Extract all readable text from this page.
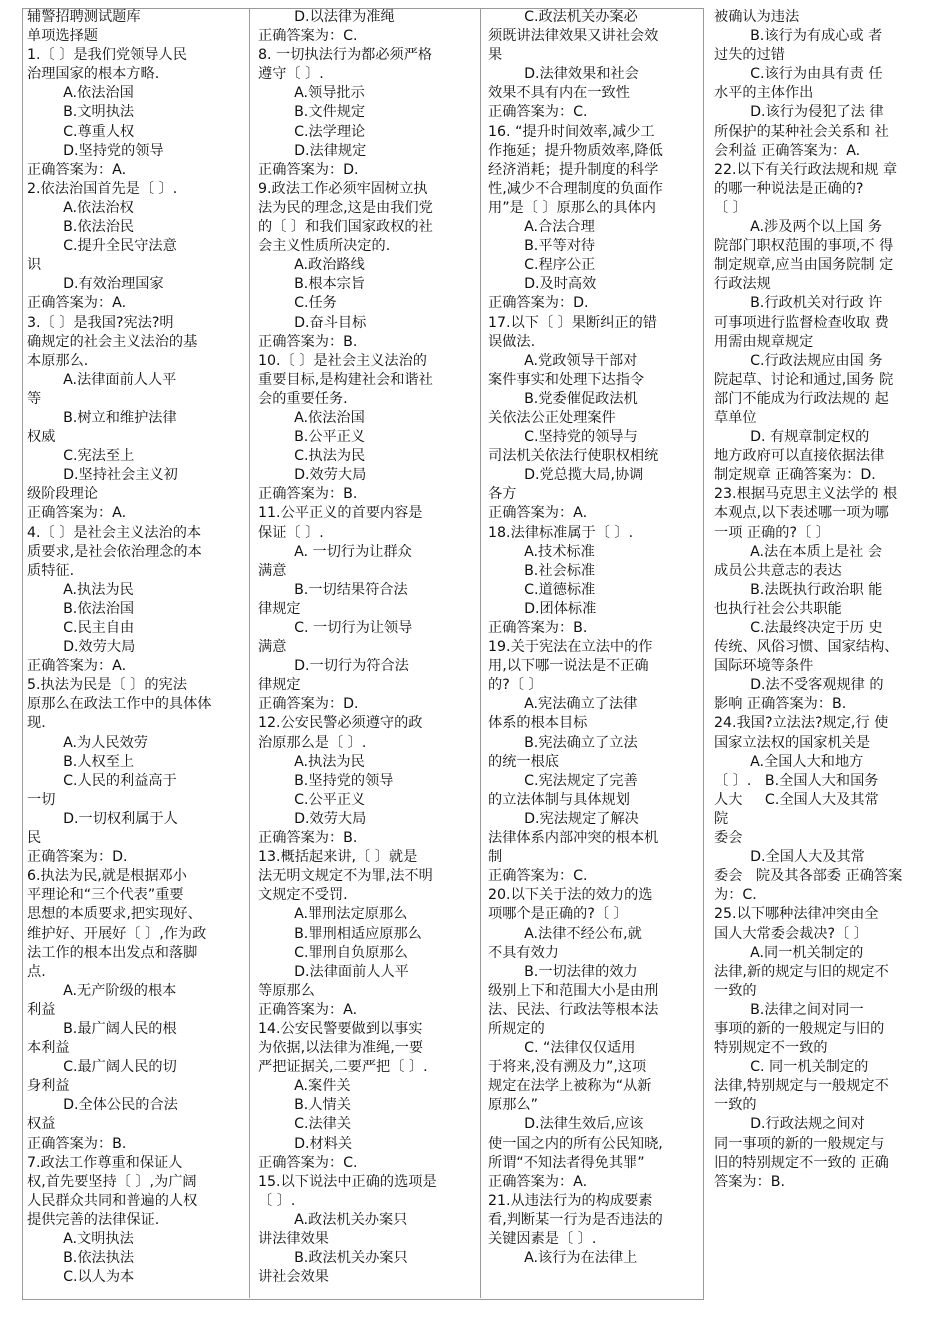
辅警招聘测试题库
单项选择题
1.〔 〕是我们党领导人民
治理国家的根本方略.
A.依法治国
B.文明执法
C.尊重人权
D.坚持党的领导
正确答案为：A.
2.依法治国首先是〔 〕.
A.依法治权
B.依法治民
C.提升全民守法意
识
D.有效治理国家
正确答案为：A.
3.〔 〕是我国?宪法?明
确规定的社会主义法治的基
本原那么.
A.法律面前人人平
等
B.树立和维护法律
权威
C.宪法至上
D.坚持社会主义初
级阶段理论
正确答案为：A.
4.〔 〕是社会主义法治的本
质要求,是社会依治理念的本
质特征.
A.执法为民
B.依法治国
C.民主自由
D.效劳大局
正确答案为：A.
5.执法为民是〔 〕的宪法
原那么在政法工作中的具体体
现.
A.为人民效劳
B.人权至上
C.人民的利益高于
一切
D.一切权利属于人
民
正确答案为：D.
6.执法为民,就是根据邓小
平理论和“三个代表”重要
思想的本质要求,把实现好、
维护好、开展好〔 〕,作为政
法工作的根本出发点和落脚
点.
A.无产阶级的根本
利益
B.最广阔人民的根
本利益
C.最广阔人民的切
身利益
D.全体公民的合法
权益
正确答案为：B.
7.政法工作尊重和保证人
权,首先要坚持〔 〕,为广阔
人民群众共同和普遍的人权
提供完善的法律保证.
A.文明执法
B.依法执法
C.以人为本
D.以法律为准绳
正确答案为：C.
8. 一切执法行为都必须严格
遵守〔 〕.
A.领导批示
B.文件规定
C.法学理论
D.法律规定
正确答案为：D.
9.政法工作必须牢固树立执
法为民的理念,这是由我们党
的〔 〕和我们国家政权的社
会主义性质所决定的.
A.政治路线
B.根本宗旨
C.任务
D.奋斗目标
正确答案为：B.
10.〔 〕是社会主义法治的
重要目标,是构建社会和谐社
会的重要任务.
A.依法治国
B.公平正义
C.执法为民
D.效劳大局
正确答案为：B.
11.公平正义的首要内容是
保证〔 〕.
A. 一切行为让群众
满意
B.一切结果符合法
律规定
C. 一切行为让领导
满意
D.一切行为符合法
律规定
正确答案为：D.
12.公安民警必须遵守的政
治原那么是〔 〕.
A.执法为民
B.坚持党的领导
C.公平正义
D.效劳大局
正确答案为：B.
13.概括起来讲,〔 〕就是
法无明文规定不为罪,法不明
文规定不受罚.
A.罪刑法定原那么
B.罪刑相适应原那么
C.罪刑自负原那么
D.法律面前人人平
等原那么
正确答案为：A.
14.公安民警要做到以事实
为依据,以法律为准绳,一要
严把证据关,二要严把〔 〕.
A.案件关
B.人情关
C.法律关
D.材料关
正确答案为：C.
15.以下说法中正确的选项是
〔 〕.
A.政法机关办案只
讲法律效果
B.政法机关办案只
讲社会效果
C.政法机关办案必
须既讲法律效果又讲社会效
果
D.法律效果和社会
效果不具有内在一致性
正确答案为：C.
16. “提升时间效率,减少工
作拖延；提升物质效率,降低
经济消耗；提升制度的科学
性,减少不合理制度的负面作
用”是〔 〕原那么的具体内
A.合法合理
B.平等对待
C.程序公正
D.及时高效
正确答案为：D.
17.以下〔 〕果断纠正的错
误做法.
A.党政领导干部对
案件事实和处理下达指令
B.党委催促政法机
关依法公正处理案件
C.坚持党的领导与
司法机关依法行使职权相统
D.党总揽大局,协调
各方
正确答案为：A.
18.法律标准属于〔 〕.
A.技术标准
B.社会标准
C.道德标准
D.团体标准
正确答案为：B.
19.关于宪法在立法中的作
用,以下哪一说法是不正确
的?〔 〕
A.宪法确立了法律
体系的根本目标
B.宪法确立了立法
的统一根底
C.宪法规定了完善
的立法体制与具体规划
D.宪法规定了解决
法律体系内部冲突的根本机
制
正确答案为：C.
20.以下关于法的效力的选
项哪个是正确的?〔 〕
A.法律不经公布,就
不具有效力
B.一切法律的效力
级别上下和范围大小是由刑
法、民法、行政法等根本法
所规定的
C. “法律仅仅适用
于将来,没有溯及力”,这项
规定在法学上被称为“从新
原那么”
D.法律生效后,应该
使一国之内的所有公民知晓,
所谓“不知法者得免其罪”
正确答案为：A.
21.从违法行为的构成要素
看,判断某一行为是否违法的
关键因素是〔 〕.
A.该行为在法律上
被确认为违法
B.该行为有成心或 者
过失的过错
C.该行为由具有责 任
水平的主体作出
D.该行为侵犯了法 律
所保护的某种社会关系和 社
会利益 正确答案为：A.
22.以下有关行政法规和规 章
的哪一种说法是正确的?
〔 〕
A.涉及两个以上国 务
院部门职权范围的事项,不 得
制定规章,应当由国务院制 定
行政法规
B.行政机关对行政 许
可事项进行监督检查收取 费
用需由规章规定
C.行政法规应由国 务
院起草、讨论和通过,国务 院
部门不能成为行政法规的 起
草单位
D. 有规章制定权的
地方政府可以直接依据法律
制定规章 正确答案为：D.
23.根据马克思主义法学的 根
本观点,以下表述哪一项为哪
一项 正确的?〔 〕
A.法在本质上是社 会
成员公共意志的表达
B.法既执行政治职 能
也执行社会公共职能
C.法最终决定于历 史
传统、风俗习惯、国家结构、
国际环境等条件
D.法不受客观规律 的
影响 正确答案为：B.
24.我国?立法法?规定,行 使
国家立法权的国家机关是
A.全国人大和地方
〔 〕.   B.全国人大和国务
人大     C.全国人大及其常
院
委会
D.全国人大及其常
委会   院及其各部委 正确答案
为：C.
25.以下哪种法律冲突由全
国人大常委会裁决?〔 〕
A.同一机关制定的
法律,新的规定与旧的规定不
一致的
B.法律之间对同一
事项的新的一般规定与旧的
特别规定不一致的
C. 同一机关制定的
法律,特别规定与一般规定不
一致的
D.行政法规之间对
同一事项的新的一般规定与
旧的特别规定不一致的 正确
答案为：B.
